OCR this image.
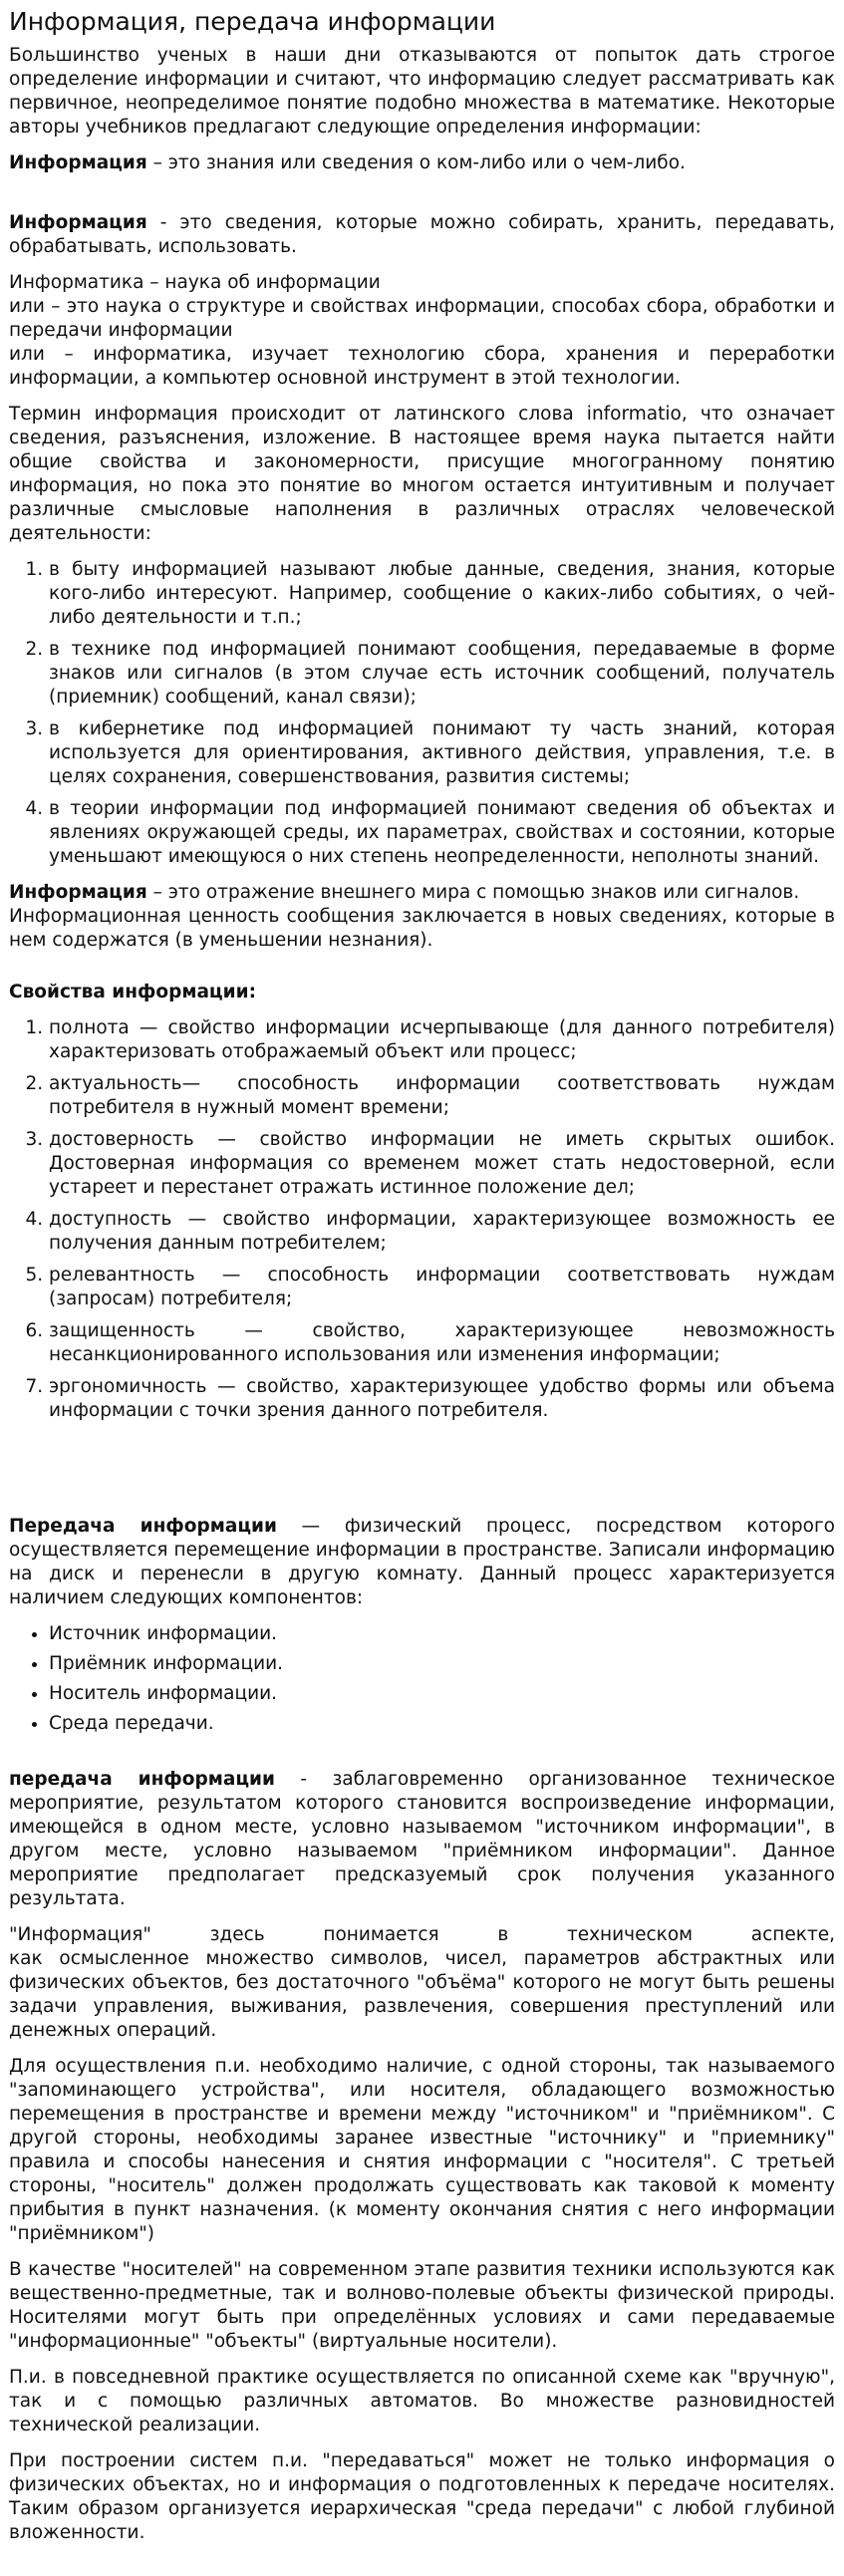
Информация, передача информации

Большинство ученых в наши дни отказываются от попыток дать строгое определение информации и считают, что информацию следует рассматривать как первичное, неопределимое понятие подобно множества в математике. Некоторые авторы учебников предлагают следующие определения информации:

Информация – это знания или сведения о ком-либо или о чем-либо.

Информация - это сведения, которые можно собирать, хранить, передавать, обрабатывать, использовать.

Информатика – наука об информации
или – это наука о структуре и свойствах информации, способах сбора, обработки и передачи информации
или – информатика, изучает технологию сбора, хранения и переработки информации, а компьютер основной инструмент в этой технологии.

Термин информация происходит от латинского слова informatio, что означает сведения, разъяснения, изложение. В настоящее время наука пытается найти общие свойства и закономерности, присущие многогранному понятию информация, но пока это понятие во многом остается интуитивным и получает различные смысловые наполнения в различных отраслях человеческой деятельности:

1. в быту информацией называют любые данные, сведения, знания, которые кого-либо интересуют. Например, сообщение о каких-либо событиях, о чей-либо деятельности и т.п.;
2. в технике под информацией понимают сообщения, передаваемые в форме знаков или сигналов (в этом случае есть источник сообщений, получатель (приемник) сообщений, канал связи);
3. в кибернетике под информацией понимают ту часть знаний, которая используется для ориентирования, активного действия, управления, т.е. в целях сохранения, совершенствования, развития системы;
4. в теории информации под информацией понимают сведения об объектах и явлениях окружающей среды, их параметрах, свойствах и состоянии, которые уменьшают имеющуюся о них степень неопределенности, неполноты знаний.

Информация – это отражение внешнего мира с помощью знаков или сигналов.
Информационная ценность сообщения заключается в новых сведениях, которые в нем содержатся (в уменьшении незнания).

Свойства информации:
1. полнота — свойство информации исчерпывающе (для данного потребителя) характеризовать отображаемый объект или процесс;
2. актуальность— способность информации соответствовать нуждам потребителя в нужный момент времени;
3. достоверность — свойство информации не иметь скрытых ошибок. Достоверная информация со временем может стать недостоверной, если устареет и перестанет отражать истинное положение дел;
4. доступность — свойство информации, характеризующее возможность ее получения данным потребителем;
5. релевантность — способность информации соответствовать нуждам (запросам) потребителя;
6. защищенность — свойство, характеризующее невозможность несанкционированного использования или изменения информации;
7. эргономичность — свойство, характеризующее удобство формы или объема информации с точки зрения данного потребителя.

Передача информации — физический процесс, посредством которого осуществляется перемещение информации в пространстве. Записали информацию на диск и перенесли в другую комнату. Данный процесс характеризуется наличием следующих компонентов:

• Источник информации.
• Приёмник информации.
• Носитель информации.
• Среда передачи.

передача информации - заблаговременно организованное техническое мероприятие, результатом которого становится воспроизведение информации, имеющейся в одном месте, условно называемом "источником информации", в другом месте, условно называемом "приёмником информации". Данное мероприятие предполагает предсказуемый срок получения указанного результата.

"Информация" здесь понимается в техническом аспекте,
как осмысленное множество символов, чисел, параметров абстрактных или физических объектов, без достаточного "объёма" которого не могут быть решены задачи управления, выживания, развлечения, совершения преступлений или денежных операций.

Для осуществления п.и. необходимо наличие, с одной стороны, так называемого "запоминающего устройства", или носителя, обладающего возможностью перемещения в пространстве и времени между "источником" и "приёмником". С другой стороны, необходимы заранее известные "источнику" и "приемнику" правила и способы нанесения и снятия информации с "носителя". С третьей стороны, "носитель" должен продолжать существовать как таковой к моменту прибытия в пункт назначения. (к моменту окончания снятия с него информации "приёмником")

В качестве "носителей" на современном этапе развития техники используются как вещественно-предметные, так и волново-полевые объекты физической природы. Носителями могут быть при определённых условиях и сами передаваемые "информационные" "объекты" (виртуальные носители).

П.и. в повседневной практике осуществляется по описанной схеме как "вручную", так и с помощью различных автоматов. Во множестве разновидностей технической реализации.

При построении систем п.и. "передаваться" может не только информация о физических объектах, но и информация о подготовленных к передаче носителях. Таким образом организуется иерархическая "среда передачи" с любой глубиной вложенности.
